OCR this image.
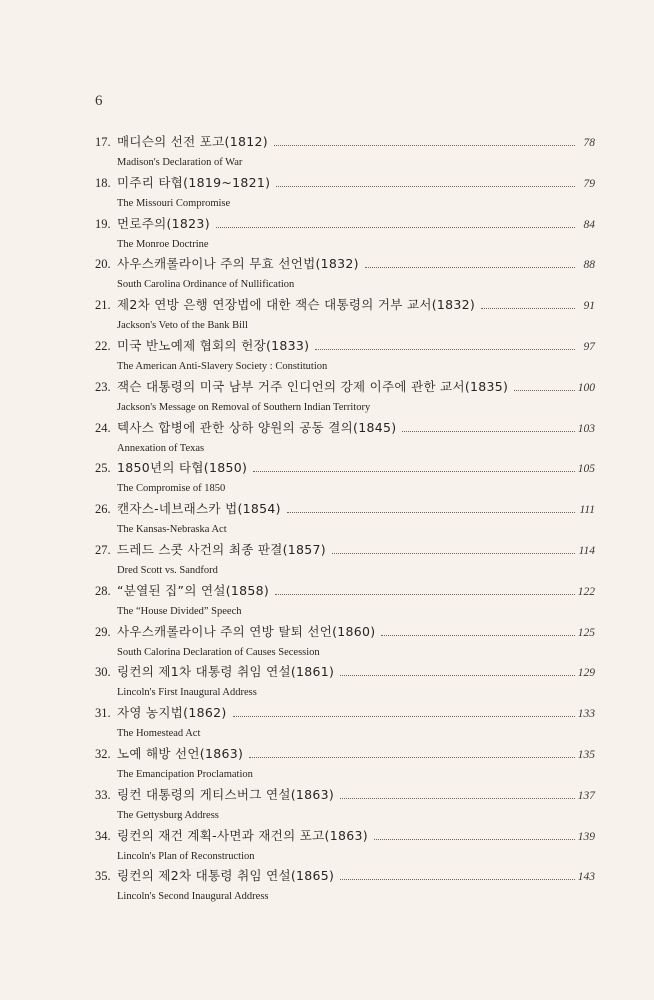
6
17. 매디슨의 선전 포고(1812)	78
Madison's Declaration of War
18. 미주리 타협(1819~1821)	79
The Missouri Compromise
19. 먼로주의(1823)	84
The Monroe Doctrine
20. 사우스캐롤라이나 주의 무효 선언법(1832)	88
South Carolina Ordinance of Nullification
21. 제2차 연방 은행 연장법에 대한 잭슨 대통령의 거부 교서(1832)	91
Jackson's Veto of the Bank Bill
22. 미국 반노예제 협회의 헌장(1833)	97
The American Anti-Slavery Society : Constitution
23. 잭슨 대통령의 미국 남부 거주 인디언의 강제 이주에 관한 교서(1835)	100
Jackson's Message on Removal of Southern Indian Territory
24. 텍사스 합병에 관한 상하 양원의 공동 결의(1845)	103
Annexation of Texas
25. 1850년의 타협(1850)	105
The Compromise of 1850
26. 캔자스-네브래스카 법(1854)	111
The Kansas-Nebraska Act
27. 드레드 스콧 사건의 최종 판결(1857)	114
Dred Scott vs. Sandford
28. “분열된 집”의 연설(1858)	122
The “House Divided” Speech
29. 사우스캐롤라이나 주의 연방 탈퇴 선언(1860)	125
South Calorina Declaration of Causes Secession
30. 링컨의 제1차 대통령 취임 연설(1861)	129
Lincoln's First Inaugural Address
31. 자영 농지법(1862)	133
The Homestead Act
32. 노예 해방 선언(1863)	135
The Emancipation Proclamation
33. 링컨 대통령의 게티스버그 연설(1863)	137
The Gettysburg Address
34. 링컨의 재건 계획-사면과 재건의 포고(1863)	139
Lincoln's Plan of Reconstruction
35. 링컨의 제2차 대통령 취임 연설(1865)	143
Lincoln's Second Inaugural Address
